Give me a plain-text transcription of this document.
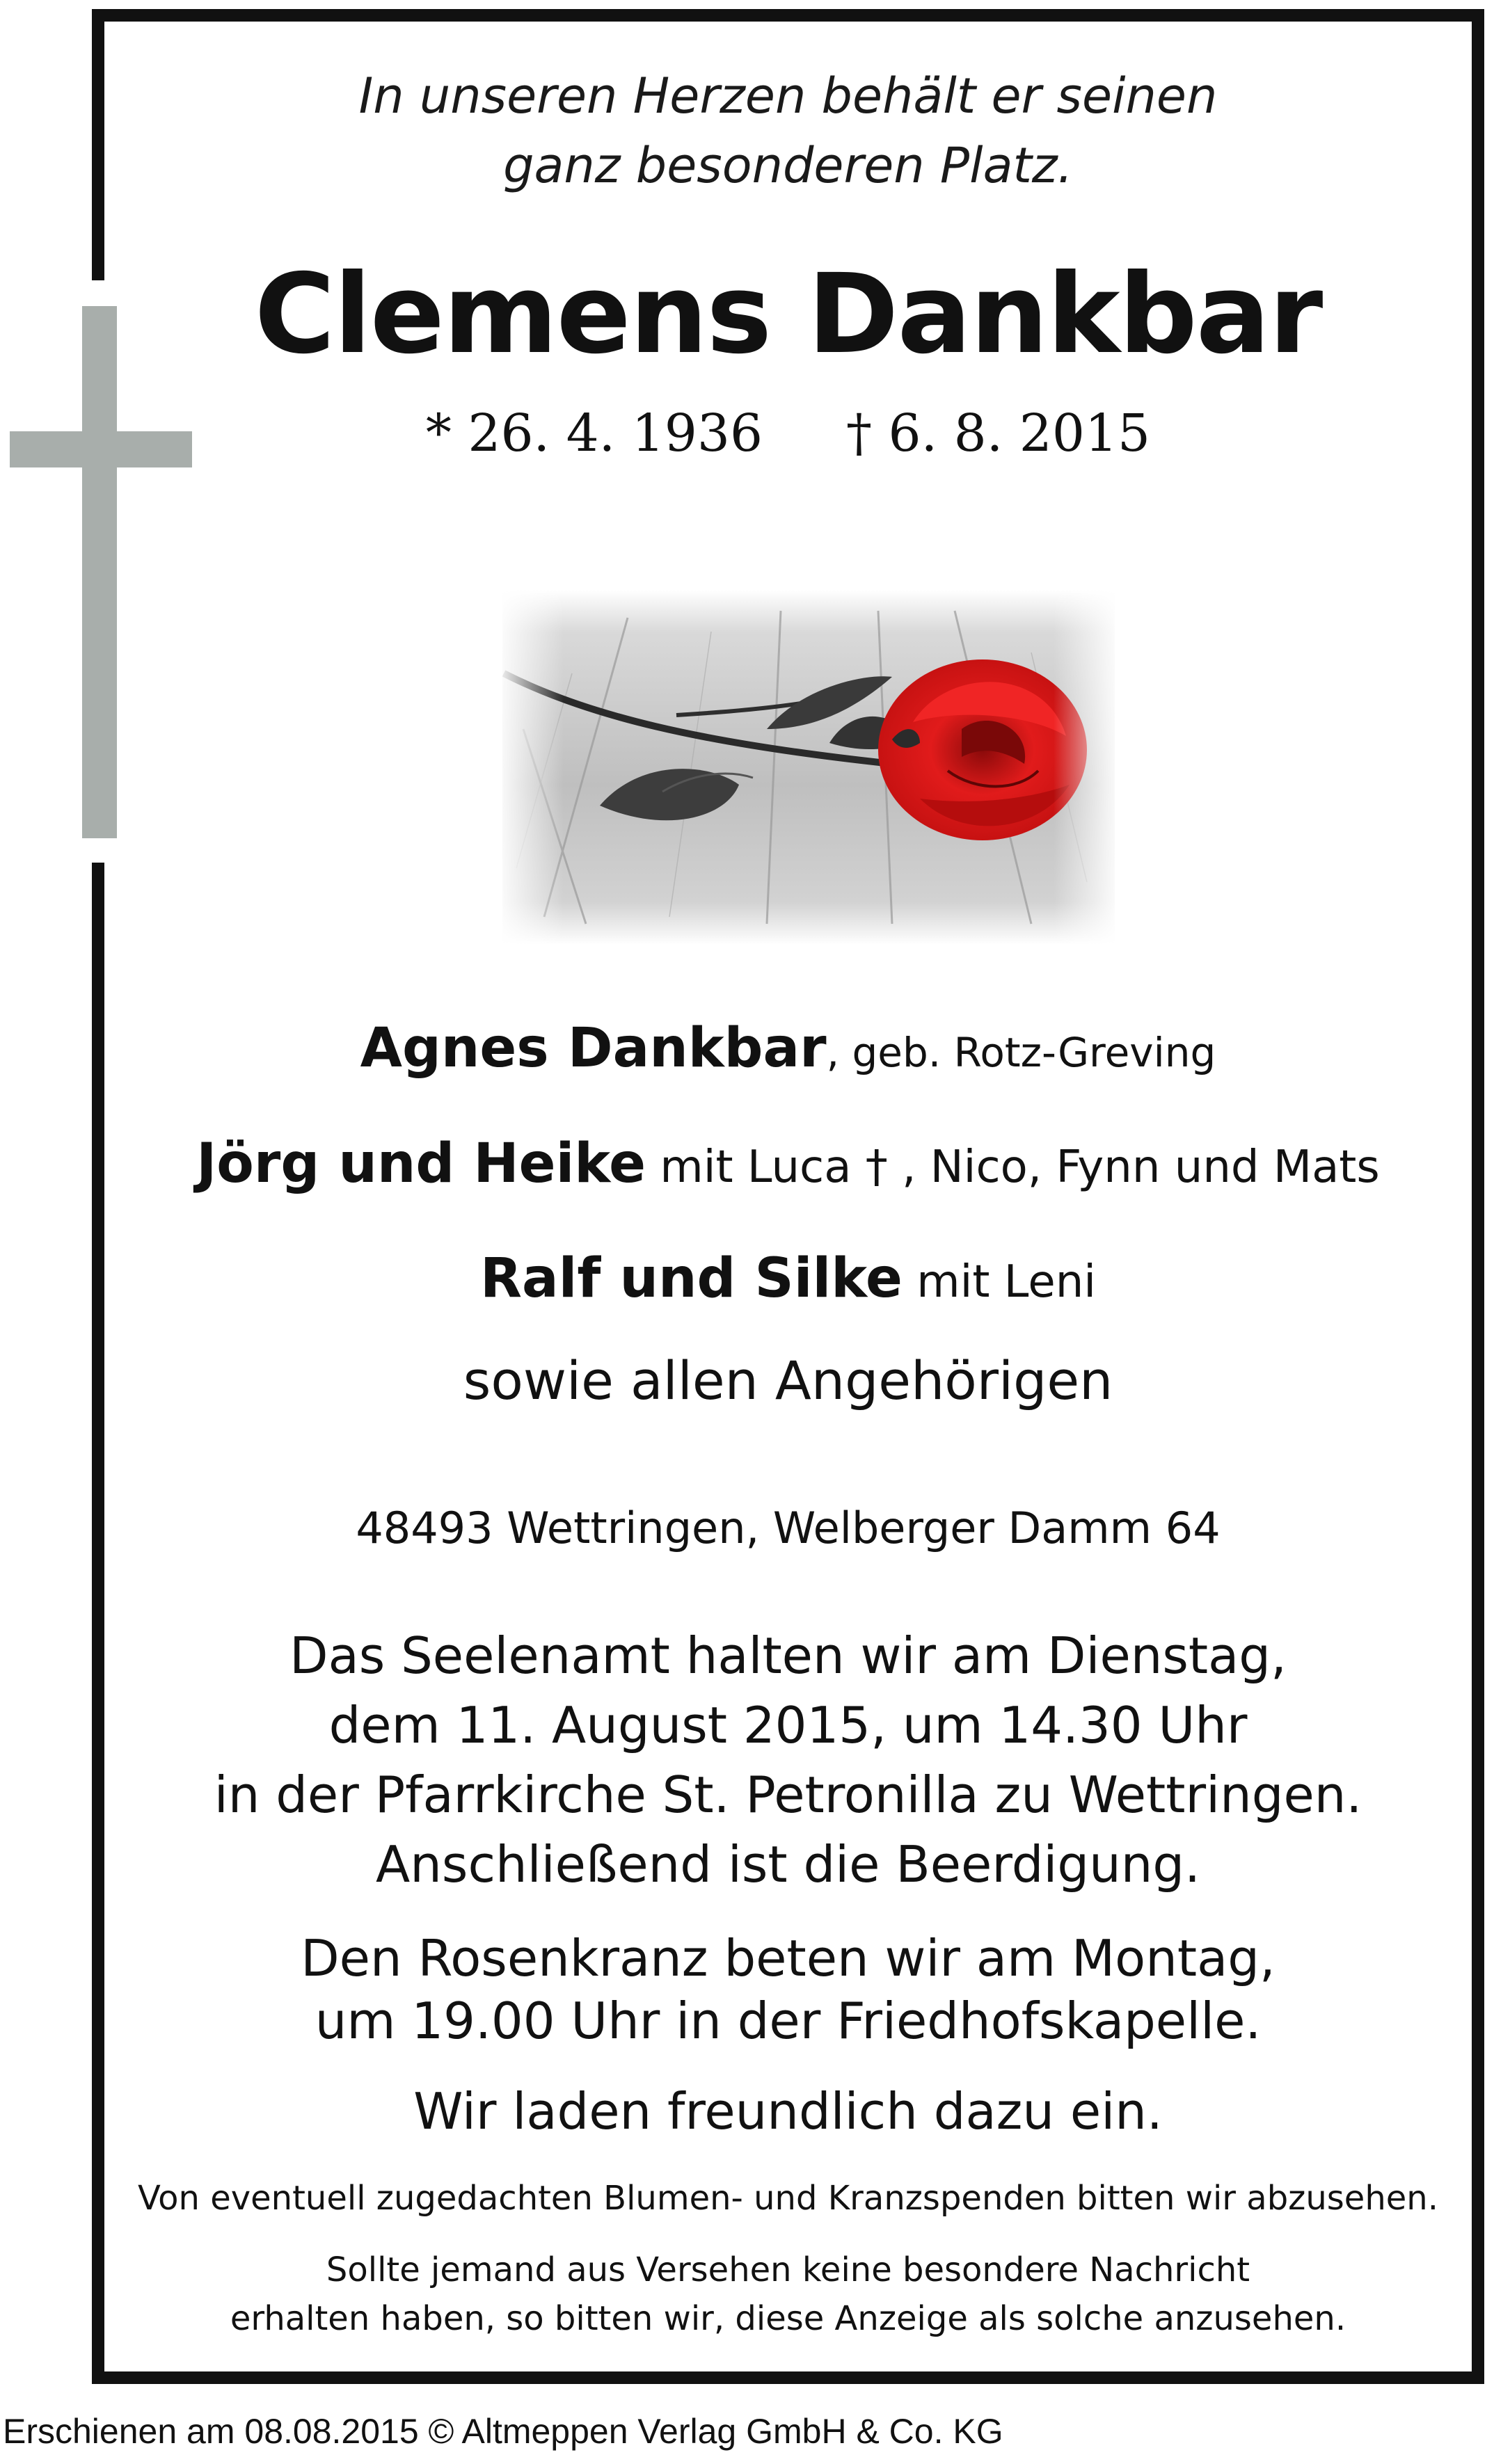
In unseren Herzen behält er seinen
ganz besonderen Platz.
Clemens Dankbar
* 26. 4. 1936 † 6. 8. 2015
Agnes Dankbar, geb. Rotz-Greving
Jörg und Heike mit Luca † , Nico, Fynn und Mats
Ralf und Silke mit Leni
sowie allen Angehörigen
48493 Wettringen, Welberger Damm 64
Das Seelenamt halten wir am Dienstag,
dem 11. August 2015, um 14.30 Uhr
in der Pfarrkirche St. Petronilla zu Wettringen.
Anschließend ist die Beerdigung.
Den Rosenkranz beten wir am Montag,
um 19.00 Uhr in der Friedhofskapelle.
Wir laden freundlich dazu ein.
Von eventuell zugedachten Blumen- und Kranzspenden bitten wir abzusehen.
Sollte jemand aus Versehen keine besondere Nachricht
erhalten haben, so bitten wir, diese Anzeige als solche anzusehen.
Erschienen am 08.08.2015 © Altmeppen Verlag GmbH & Co. KG
